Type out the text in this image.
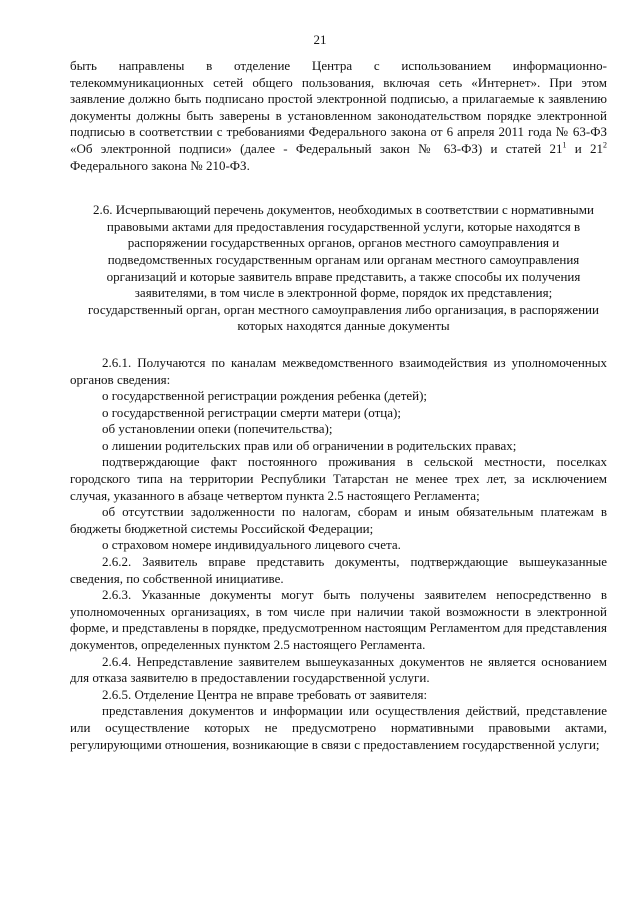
21

быть направлены в отделение Центра с использованием информационно-телекоммуникационных сетей общего пользования, включая сеть «Интернет». При этом заявление должно быть подписано простой электронной подписью, а прилагаемые к заявлению документы должны быть заверены в установленном законодательством порядке электронной подписью в соответствии с требованиями Федерального закона от 6 апреля 2011 года № 63-ФЗ «Об электронной подписи» (далее - Федеральный закон № 63-ФЗ) и статей $21^1$ и $21^2$ Федерального закона № 210-ФЗ.

2.6. Исчерпывающий перечень документов, необходимых в соответствии с нормативными правовыми актами для предоставления государственной услуги, которые находятся в распоряжении государственных органов, органов местного самоуправления и подведомственных государственным органам или органам местного самоуправления организаций и которые заявитель вправе представить, а также способы их получения заявителями, в том числе в электронной форме, порядок их представления; государственный орган, орган местного самоуправления либо организация, в распоряжении которых находятся данные документы

2.6.1. Получаются по каналам межведомственного взаимодействия из уполномоченных органов сведения:

о государственной регистрации рождения ребенка (детей);

о государственной регистрации смерти матери (отца);

об установлении опеки (попечительства);

о лишении родительских прав или об ограничении в родительских правах;

подтверждающие факт постоянного проживания в сельской местности, поселках городского типа на территории Республики Татарстан не менее трех лет, за исключением случая, указанного в абзаце четвертом пункта 2.5 настоящего Регламента;

об отсутствии задолженности по налогам, сборам и иным обязательным платежам в бюджеты бюджетной системы Российской Федерации;

о страховом номере индивидуального лицевого счета.

2.6.2. Заявитель вправе представить документы, подтверждающие вышеуказанные сведения, по собственной инициативе.

2.6.3. Указанные документы могут быть получены заявителем непосредственно в уполномоченных организациях, в том числе при наличии такой возможности в электронной форме, и представлены в порядке, предусмотренном настоящим Регламентом для представления документов, определенных пунктом 2.5 настоящего Регламента.

2.6.4. Непредставление заявителем вышеуказанных документов не является основанием для отказа заявителю в предоставлении государственной услуги.

2.6.5. Отделение Центра не вправе требовать от заявителя:

представления документов и информации или осуществления действий, представление или осуществление которых не предусмотрено нормативными правовыми актами, регулирующими отношения, возникающие в связи с предоставлением государственной услуги;
